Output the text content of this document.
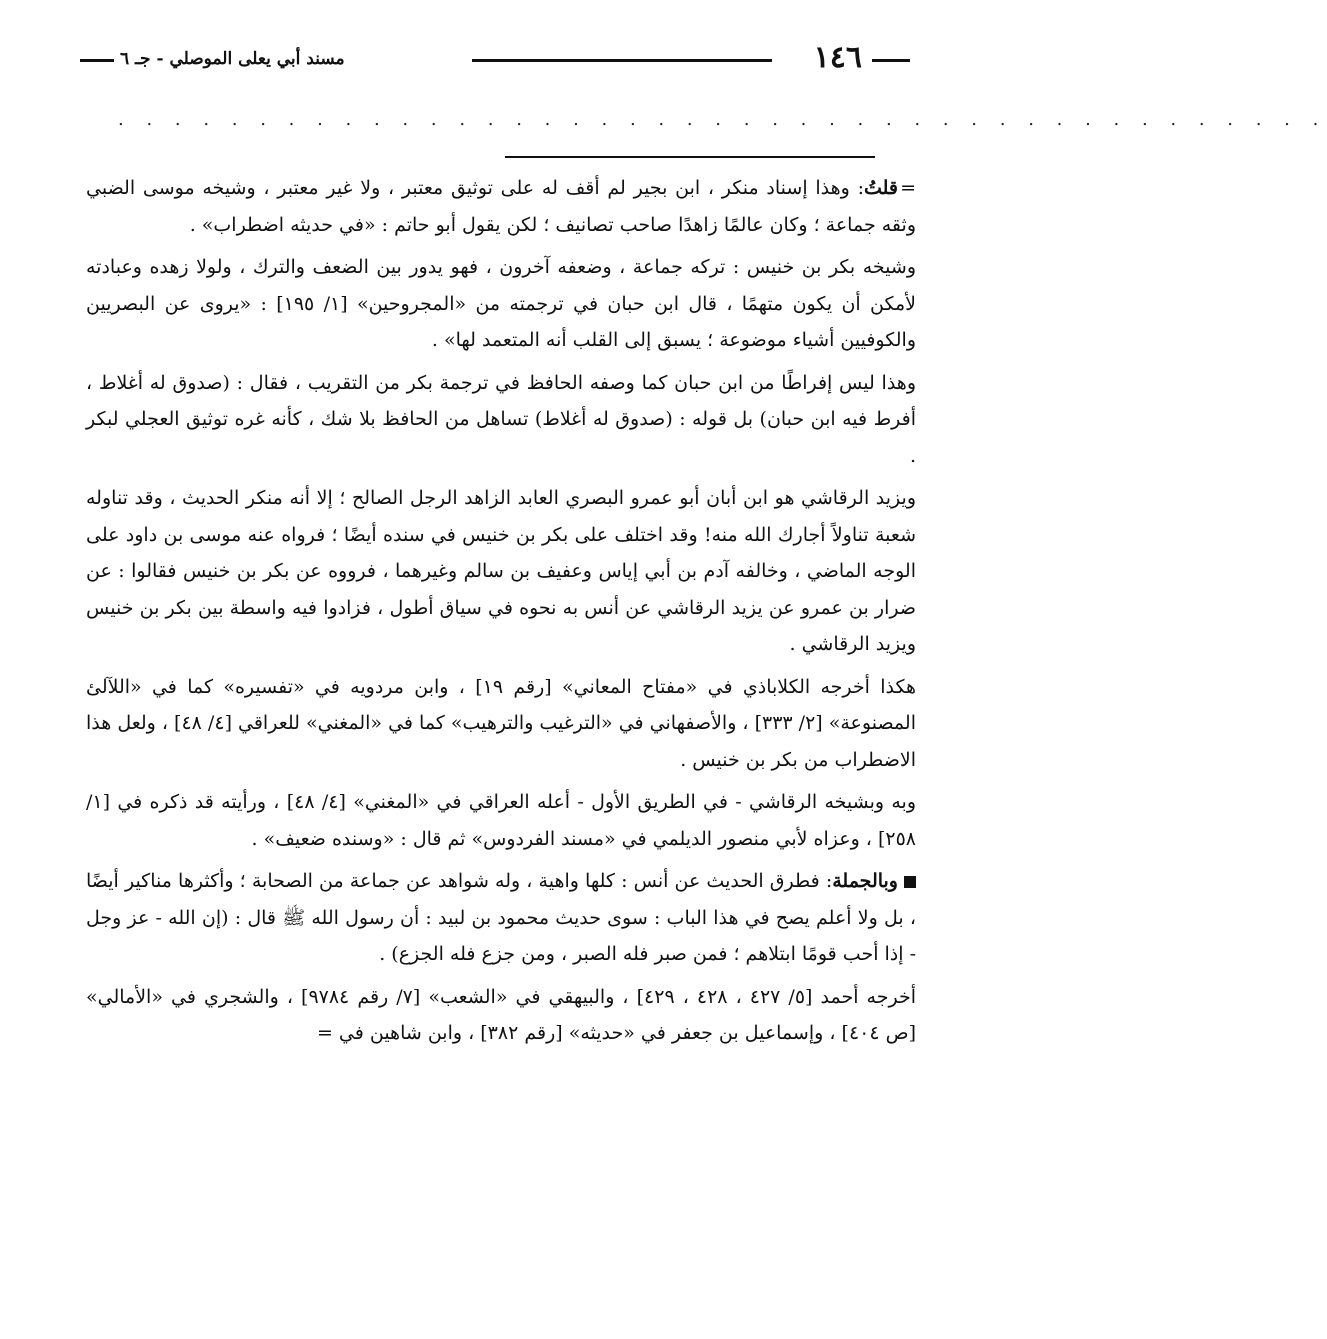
١٤٦
مسند أبي يعلى الموصلي - جـ ٦
. . . . . . . . . . . . . . . . . . . . . . . . . . . . . . . . . . . . . . . . . . .

=قلتُ: وهذا إسناد منكر ، ابن بجير لم أقف له على توثيق معتبر ، ولا غير معتبر ، وشيخه موسى الضبي وثقه جماعة ؛ وكان عالمًا زاهدًا صاحب تصانيف ؛ لكن يقول أبو حاتم : «في حديثه اضطراب» .

وشيخه بكر بن خنيس : تركه جماعة ، وضعفه آخرون ، فهو يدور بين الضعف والترك ، ولولا زهده وعبادته لأمكن أن يكون متهمًا ، قال ابن حبان في ترجمته من «المجروحين» [١/ ١٩٥] : «يروى عن البصريين والكوفيين أشياء موضوعة ؛ يسبق إلى القلب أنه المتعمد لها» .

وهذا ليس إفراطًا من ابن حبان كما وصفه الحافظ في ترجمة بكر من التقريب ، فقال : (صدوق له أغلاط ، أفرط فيه ابن حبان) بل قوله : (صدوق له أغلاط) تساهل من الحافظ بلا شك ، كأنه غره توثيق العجلي لبكر .

ويزيد الرقاشي هو ابن أبان أبو عمرو البصري العابد الزاهد الرجل الصالح ؛ إلا أنه منكر الحديث ، وقد تناوله شعبة تناولاً أجارك الله منه! وقد اختلف على بكر بن خنيس في سنده أيضًا ؛ فرواه عنه موسى بن داود على الوجه الماضي ، وخالفه آدم بن أبي إياس وعفيف بن سالم وغيرهما ، فرووه عن بكر بن خنيس فقالوا : عن ضرار بن عمرو عن يزيد الرقاشي عن أنس به نحوه في سياق أطول ، فزادوا فيه واسطة بين بكر بن خنيس ويزيد الرقاشي .

هكذا أخرجه الكلاباذي في «مفتاح المعاني» [رقم ١٩] ، وابن مردويه في «تفسيره» كما في «اللآلئ المصنوعة» [٢/ ٣٣٣] ، والأصفهاني في «الترغيب والترهيب» كما في «المغني» للعراقي [٤/ ٤٨] ، ولعل هذا الاضطراب من بكر بن خنيس .

وبه وبشيخه الرقاشي - في الطريق الأول - أعله العراقي في «المغني» [٤/ ٤٨] ، ورأيته قد ذكره في [١/ ٢٥٨] ، وعزاه لأبي منصور الديلمي في «مسند الفردوس» ثم قال : «وسنده ضعيف» .

وبالجملة: فطرق الحديث عن أنس : كلها واهية ، وله شواهد عن جماعة من الصحابة ؛ وأكثرها مناكير أيضًا ، بل ولا أعلم يصح في هذا الباب : سوى حديث محمود بن لبيد : أن رسول الله ﷺ قال : (إن الله - عز وجل - إذا أحب قومًا ابتلاهم ؛ فمن صبر فله الصبر ، ومن جزع فله الجزع) .

أخرجه أحمد [٥/ ٤٢٧ ، ٤٢٨ ، ٤٢٩] ، والبيهقي في «الشعب» [٧/ رقم ٩٧٨٤] ، والشجري في «الأمالي» [ص ٤٠٤] ، وإسماعيل بن جعفر في «حديثه» [رقم ٣٨٢] ، وابن شاهين في =
